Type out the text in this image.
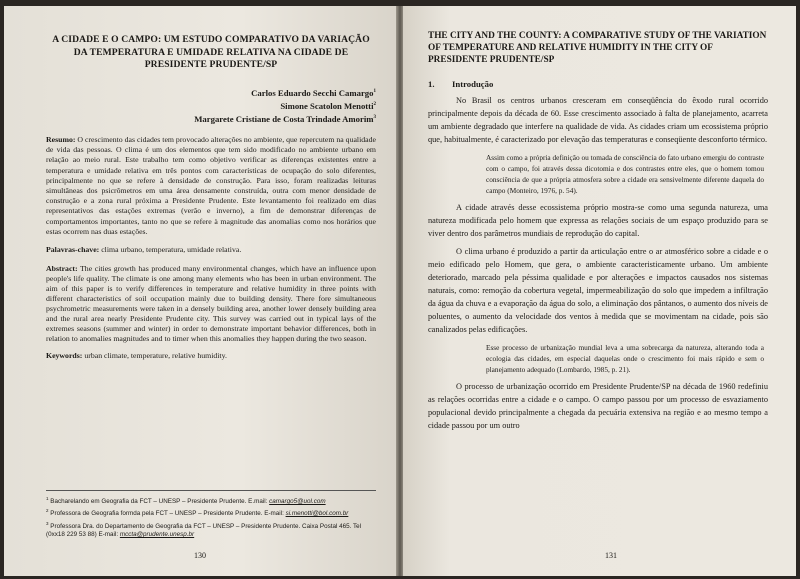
A CIDADE E O CAMPO: UM ESTUDO COMPARATIVO DA VARIAÇÃO DA TEMPERATURA E UMIDADE RELATIVA NA CIDADE DE PRESIDENTE PRUDENTE/SP
Carlos Eduardo Secchi Camargo$^1$
Simone Scatolon Menotti$^2$
Margarete Cristiane de Costa Trindade Amorim$^3$
Resumo: O crescimento das cidades tem provocado alterações no ambiente, que repercutem na qualidade de vida das pessoas. O clima é um dos elementos que tem sido modificado no ambiente urbano em relação ao meio rural. Este trabalho tem como objetivo verificar as diferenças existentes entre a temperatura e umidade relativa em três pontos com características de ocupação do solo diferentes, principalmente no que se refere à densidade de construção. Para isso, foram realizadas leituras simultâneas dos psicrômetros em uma área densamente construída, outra com menor densidade de construção e a zona rural próxima a Presidente Prudente. Este levantamento foi realizado em dias representativos das estações extremas (verão e inverno), a fim de demonstrar diferenças de comportamentos importantes, tanto no que se refere à magnitude das anomalias como nos horários que estas ocorrem nas duas estações.
Palavras-chave: clima urbano, temperatura, umidade relativa.
Abstract: The cities growth has produced many environmental changes, which have an influence upon people's life quality. The climate is one among many elements who has been in urban environment. The aim of this paper is to verify differences in temperature and relative humidity in three points with different characteristics of soil occupation mainly due to building density. There fore simultaneous psychrometric measurements were taken in a densely building area, another lower densely building area and the rural area nearly Presidente Prudente city. This survey was carried out in typical lays of the extremes seasons (summer and winter) in order to demonstrate important behavior differences, both in relation to anomalies magnitudes and to timer when this anomalies they happen during the two season.
Keywords: urban climate, temperature, relative humidity.

$^1$ Bacharelando em Geografia da FCT – UNESP – Presidente Prudente. E.mail: camargo5@uol.com

$^2$ Professora de Geografia formda pela FCT – UNESP – Presidente Prudente. E-mail: si.menotti@bol.com.br

$^3$ Professora Dra. do Departamento de Geografia da FCT – UNESP – Presidente Prudente. Caixa Postal 465. Tel (0xx18 229 53 88) E-mail: mccta@prudente.unesp.br

130
THE CITY AND THE COUNTY: A COMPARATIVE STUDY OF THE VARIATION OF TEMPERATURE AND RELATIVE HUMIDITY IN THE CITY OF PRESIDENTE PRUDENTE/SP
1. Introdução
No Brasil os centros urbanos cresceram em conseqüência do êxodo rural ocorrido principalmente depois da década de 60. Esse crescimento associado à falta de planejamento, acarreta um ambiente degradado que interfere na qualidade de vida. As cidades criam um ecossistema próprio que, habitualmente, é caracterizado por elevação das temperaturas e conseqüente desconforto térmico.
Assim como a própria definição ou tomada de consciência do fato urbano emergiu do contraste com o campo, foi através dessa dicotomia e dos contrastes entre eles, que o homem tomou consciência de que a própria atmosfera sobre a cidade era sensivelmente diferente daquela do campo (Monteiro, 1976, p. 54).
A cidade através desse ecossistema próprio mostra-se como uma segunda natureza, uma natureza modificada pelo homem que expressa as relações sociais de um espaço produzido para se viver dentro dos parâmetros mundiais de reprodução do capital.
O clima urbano é produzido a partir da articulação entre o ar atmosférico sobre a cidade e o meio edificado pelo Homem, que gera, o ambiente caracteristicamente urbano. Um ambiente deteriorado, marcado pela péssima qualidade e por alterações e impactos causados nos sistemas naturais, como: remoção da cobertura vegetal, impermeabilização do solo que impedem a infiltração da água da chuva e a evaporação da água do solo, a eliminação dos pântanos, o aumento dos níveis de poluentes, o aumento da velocidade dos ventos à medida que se movimentam na cidade, pois são canalizados pelas edificações.
Esse processo de urbanização mundial leva a uma sobrecarga da natureza, alterando toda a ecologia das cidades, em especial daquelas onde o crescimento foi mais rápido e sem o planejamento adequado (Lombardo, 1985, p. 21).
O processo de urbanização ocorrido em Presidente Prudente/SP na década de 1960 redefiniu as relações ocorridas entre a cidade e o campo. O campo passou por um processo de esvaziamento populacional devido principalmente a chegada da pecuária extensiva na região e ao mesmo tempo a cidade passou por um outro
131
